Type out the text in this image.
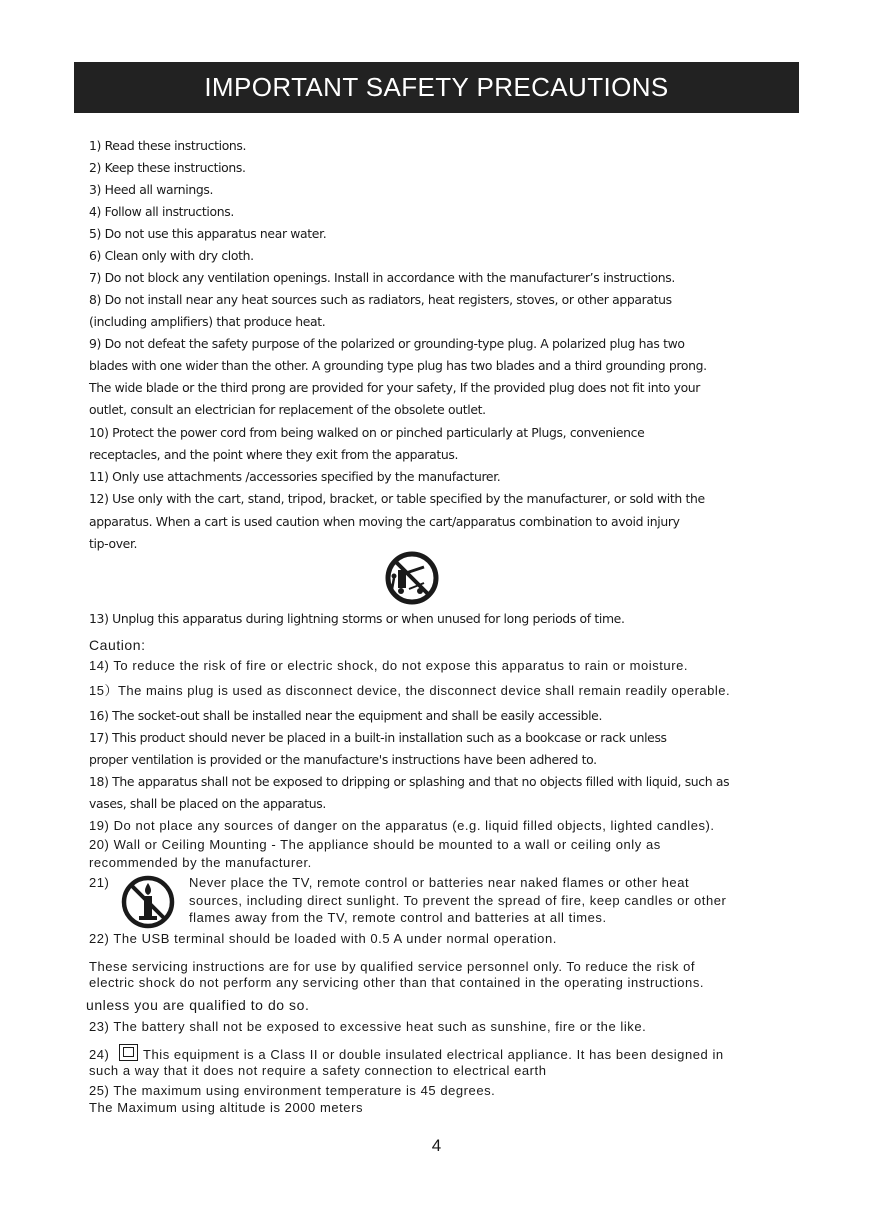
IMPORTANT SAFETY PRECAUTIONS
1) Read these instructions.
2) Keep these instructions.
3) Heed all warnings.
4) Follow all instructions.
5) Do not use this apparatus near water.
6) Clean only with dry cloth.
7) Do not block any ventilation openings. Install in accordance with the manufacturer’s instructions.
8) Do not install near any heat sources such as radiators, heat registers, stoves, or other apparatus
(including amplifiers) that produce heat.
9) Do not defeat the safety purpose of the polarized or grounding-type plug. A polarized plug has two
blades with one wider than the other. A grounding type plug has two blades and a third grounding prong.
The wide blade or the third prong are provided for your safety, If the provided plug does not fit into your
outlet, consult an electrician for replacement of the obsolete outlet.
10) Protect the power cord from being walked on or pinched particularly at Plugs, convenience
receptacles, and the point where they exit from the apparatus.
11) Only use attachments /accessories specified by the manufacturer.
12) Use only with the cart, stand, tripod, bracket, or table specified by the manufacturer, or sold with the
apparatus. When a cart is used caution when moving the cart/apparatus combination to avoid injury
tip-over.
13) Unplug this apparatus during lightning storms or when unused for long periods of time.
Caution:
14) To reduce the risk of fire or electric shock, do not expose this apparatus to rain or moisture.
15）The mains plug is used as disconnect device, the disconnect device shall remain readily operable.
16) The socket-out shall be installed near the equipment and shall be easily accessible.
17) This product should never be placed in a built-in installation such as a bookcase or rack unless
proper ventilation is provided or the manufacture's instructions have been adhered to.
18) The apparatus shall not be exposed to dripping or splashing and that no objects filled with liquid, such as
vases, shall be placed on the apparatus.
19) Do not place any sources of danger on the apparatus (e.g. liquid filled objects, lighted candles).
20) Wall or Ceiling Mounting - The appliance should be mounted to a wall or ceiling only as
recommended by the manufacturer.
21)	Never place the TV, remote control or batteries near naked flames or other heat
sources, including direct sunlight. To prevent the spread of fire, keep candles or other
flames away from the TV, remote control and batteries at all times.
22) The USB terminal should be loaded with 0.5 A under normal operation.
These servicing instructions are for use by qualified service personnel only. To reduce the risk of
electric shock do not perform any servicing other than that contained in the operating instructions.
unless you are qualified to do so.
23) The battery shall not be exposed to excessive heat such as sunshine, fire or the like.
24)	This equipment is a Class II or double insulated electrical appliance. It has been designed in
such a way that it does not require a safety connection to electrical earth
25) The maximum using environment temperature is 45 degrees.
The Maximum using altitude is 2000 meters
4
